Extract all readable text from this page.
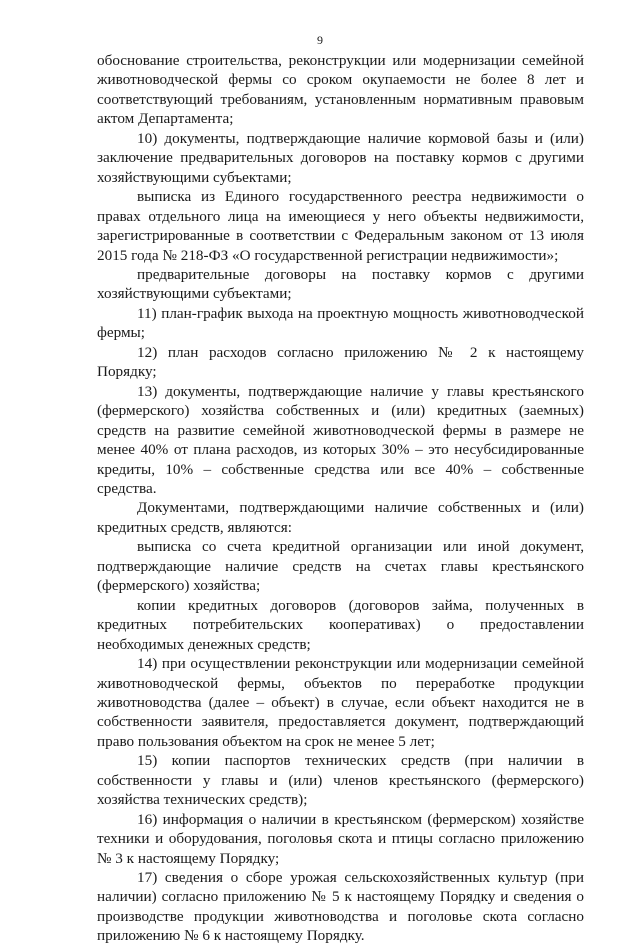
9

обоснование строительства, реконструкции или модернизации семейной животноводческой фермы со сроком окупаемости не более 8 лет и соответствующий требованиям, установленным нормативным правовым актом Департамента;

10) документы, подтверждающие наличие кормовой базы и (или) заключение предварительных договоров на поставку кормов с другими хозяйствующими субъектами;

выписка из Единого государственного реестра недвижимости о правах отдельного лица на имеющиеся у него объекты недвижимости, зарегистрированные в соответствии с Федеральным законом от 13 июля 2015 года № 218-ФЗ «О государственной регистрации недвижимости»;

предварительные договоры на поставку кормов с другими хозяйствующими субъектами;

11) план-график выхода на проектную мощность животноводческой фермы;

12) план расходов согласно приложению № 2 к настоящему Порядку;

13) документы, подтверждающие наличие у главы крестьянского (фермерского) хозяйства собственных и (или) кредитных (заемных) средств на развитие семейной животноводческой фермы в размере не менее 40% от плана расходов, из которых 30% – это несубсидированные кредиты, 10% – собственные средства или все 40% – собственные средства.

Документами, подтверждающими наличие собственных и (или) кредитных средств, являются:

выписка со счета кредитной организации или иной документ, подтверждающие наличие средств на счетах главы крестьянского (фермерского) хозяйства;

копии кредитных договоров (договоров займа, полученных в кредитных потребительских кооперативах) о предоставлении необходимых денежных средств;

14) при осуществлении реконструкции или модернизации семейной животноводческой фермы, объектов по переработке продукции животноводства (далее – объект) в случае, если объект находится не в собственности заявителя, предоставляется документ, подтверждающий право пользования объектом на срок не менее 5 лет;

15) копии паспортов технических средств (при наличии в собственности у главы и (или) членов крестьянского (фермерского) хозяйства технических средств);

16) информация о наличии в крестьянском (фермерском) хозяйстве техники и оборудования, поголовья скота и птицы согласно приложению № 3 к настоящему Порядку;

17) сведения о сборе урожая сельскохозяйственных культур (при наличии) согласно приложению № 5 к настоящему Порядку и сведения о производстве продукции животноводства и поголовье скота согласно приложению № 6 к настоящему Порядку.
